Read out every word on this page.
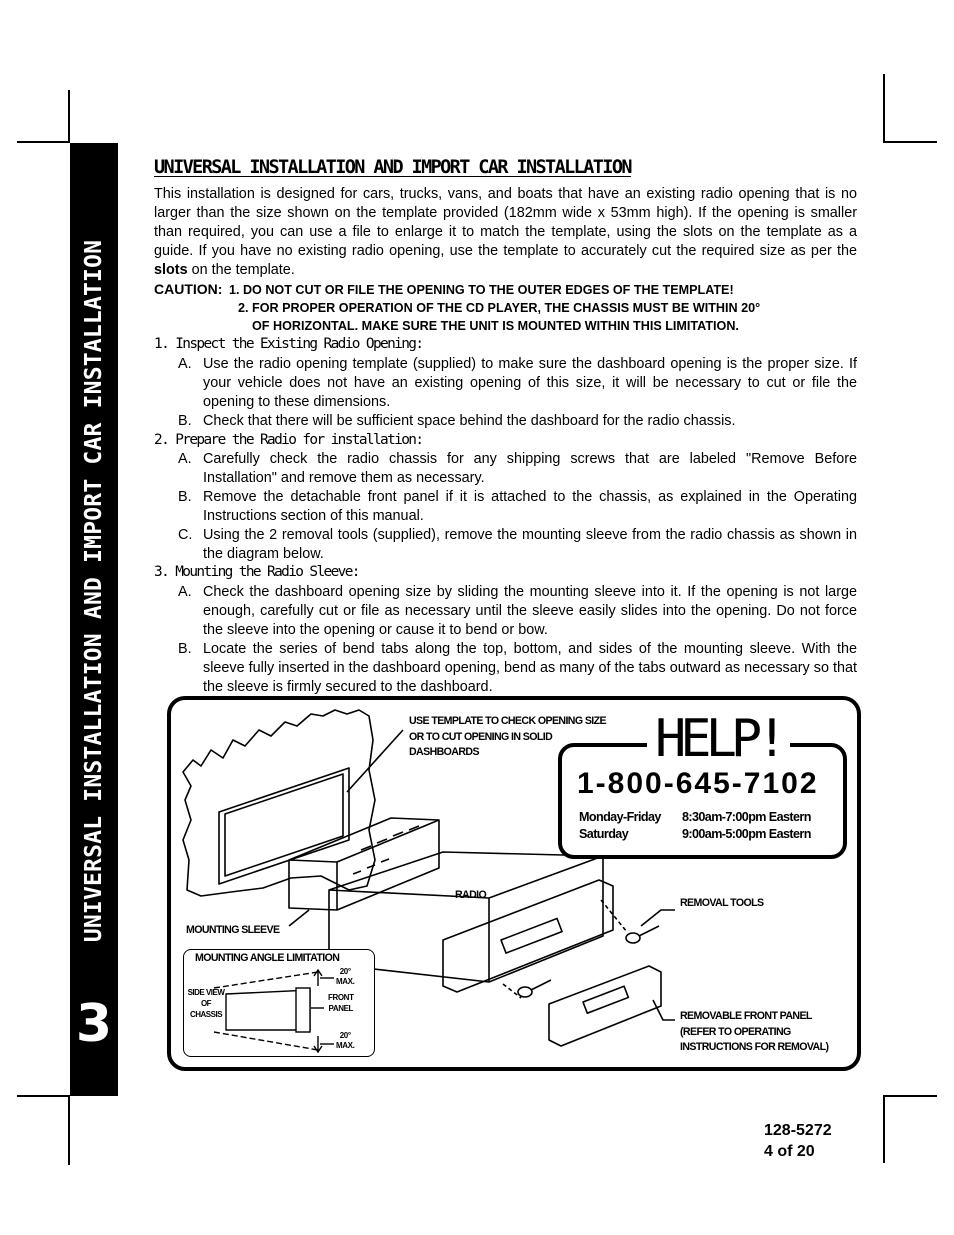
UNIVERSAL INSTALLATION AND IMPORT CAR INSTALLATION
3
UNIVERSAL INSTALLATION AND IMPORT CAR INSTALLATION

This installation is designed for cars, trucks, vans, and boats that have an existing radio opening that is no larger than the size shown on the template provided (182mm wide x 53mm high). If the opening is smaller than required, you can use a file to enlarge it to match the template, using the slots on the template as a guide. If you have no existing radio opening, use the template to accurately cut the required size as per the slots on the template.

CAUTION: 1. DO NOT CUT OR FILE THE OPENING TO THE OUTER EDGES OF THE TEMPLATE!
2. FOR PROPER OPERATION OF THE CD PLAYER, THE CHASSIS MUST BE WITHIN 20°
OF HORIZONTAL. MAKE SURE THE UNIT IS MOUNTED WITHIN THIS LIMITATION.

1. Inspect the Existing Radio Opening:

A. Use the radio opening template (supplied) to make sure the dashboard opening is the proper size. If your vehicle does not have an existing opening of this size, it will be necessary to cut or file the opening to these dimensions.

B. Check that there will be sufficient space behind the dashboard for the radio chassis.

2. Prepare the Radio for installation:

A. Carefully check the radio chassis for any shipping screws that are labeled "Remove Before Installation" and remove them as necessary.

B. Remove the detachable front panel if it is attached to the chassis, as explained in the Operating Instructions section of this manual.

C. Using the 2 removal tools (supplied), remove the mounting sleeve from the radio chassis as shown in the diagram below.

3. Mounting the Radio Sleeve:

A. Check the dashboard opening size by sliding the mounting sleeve into it. If the opening is not large enough, carefully cut or file as necessary until the sleeve easily slides into the opening. Do not force the sleeve into the opening or cause it to bend or bow.

B. Locate the series of bend tabs along the top, bottom, and sides of the mounting sleeve. With the sleeve fully inserted in the dashboard opening, bend as many of the tabs outward as necessary so that the sleeve is firmly secured to the dashboard.

USE TEMPLATE TO CHECK OPENING SIZE
OR TO CUT OPENING IN SOLID
DASHBOARDS
RADIO
MOUNTING SLEEVE
REMOVAL TOOLS
REMOVABLE FRONT PANEL
(REFER TO OPERATING
INSTRUCTIONS FOR REMOVAL)
MOUNTING ANGLE LIMITATION
SIDE VIEW
OF
CHASSIS
FRONT
PANEL
20°
MAX.
20°
MAX.
HELP!
1-800-645-7102
Monday-Friday 8:30am-7:00pm Eastern
Saturday	9:00am-5:00pm Eastern
128-5272
4 of 20
